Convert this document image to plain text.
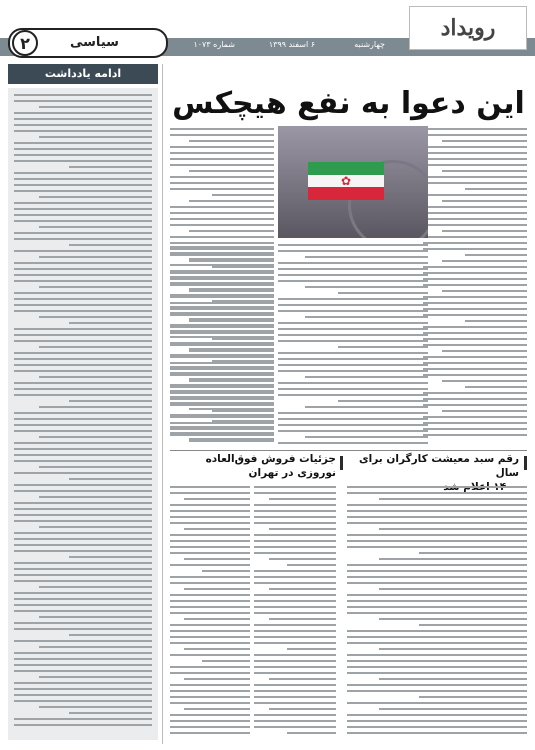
رویداد
چهارشنبه
۶ اسفند ۱۳۹۹
شماره ۱۰۷۳
۲	سیاسی
ادامه یادداشت
این دعوا به نفع هیچکس
✿
رقم سبد معیشت کارگران برای سال
جزئیات فروش فوق‌العاده نوروزی در تهران
